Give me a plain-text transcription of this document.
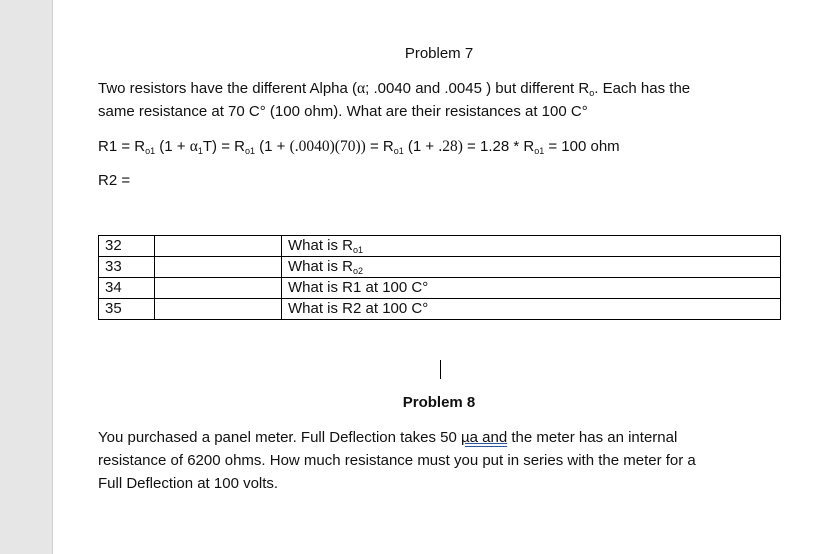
Problem 7
Two resistors have the different Alpha (α; .0040 and .0045 ) but different $R_o$. Each has the
same resistance at 70 C° (100 ohm). What are their resistances at 100 C°
$R1 = R_{o1}$ $(1 + \alpha_1T) = R_{o1}$ $(1 + (.0040)(70)) = R_{o1}$ $(1 + .28) = 1.28 * R_{o1} = 100$ ohm
R2 =
32		What is $R_{o1}$
33		What is $R_{o2}$
34		What is R1 at 100 C°
35		What is R2 at 100 C°
Problem 8
You purchased a panel meter. Full Deflection takes 50 µa and the meter has an internal
resistance of 6200 ohms. How much resistance must you put in series with the meter for a
Full Deflection at 100 volts.
